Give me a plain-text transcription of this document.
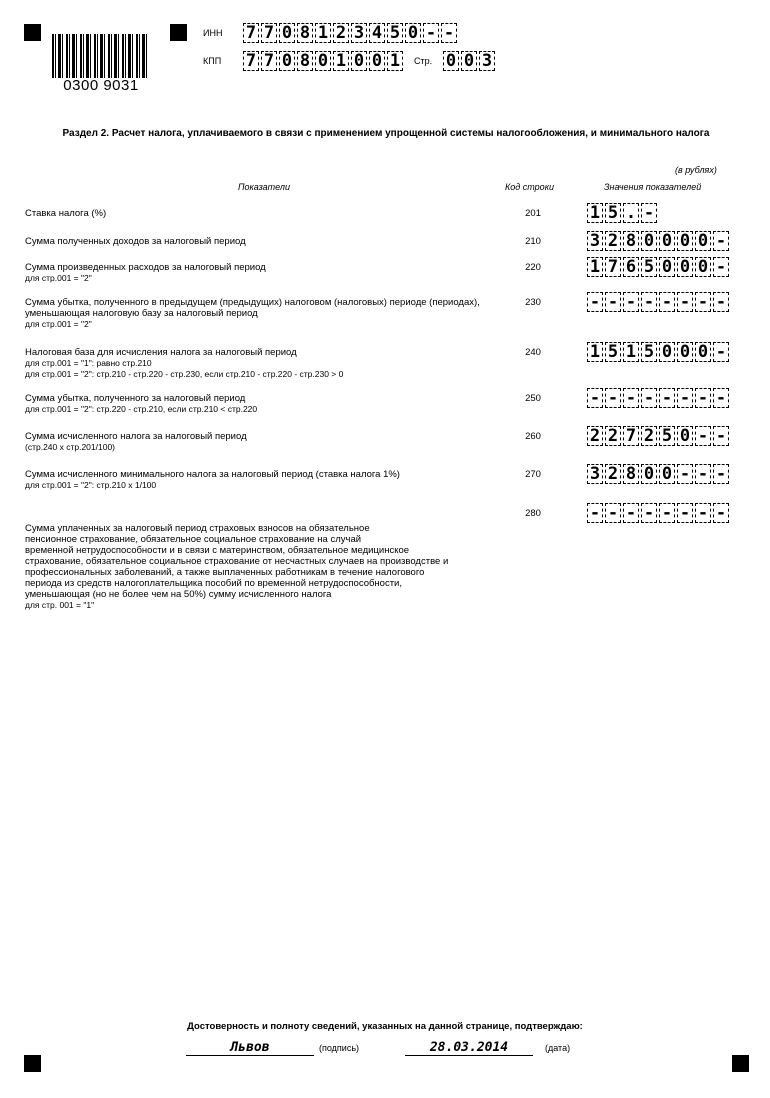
0300 9031
ИНН 7 7 0 8 1 2 3 4 5 0 - -
КПП 7 7 0 8 0 1 0 0 1	Стр. 0 0 3
Раздел 2. Расчет налога, уплачиваемого в связи с применением упрощенной системы налогообложения, и минимального налога
(в рублях)
Показатели	Код строки	Значения показателей
Ставка налога (%)	201	1 5 . -
Сумма полученных доходов за налоговый период	210	3 2 8 0 0 0 0 -
Сумма произведенных расходов за налоговый период
для стр.001 = "2"
220	1 7 6 5 0 0 0 -
Сумма убытка, полученного в предыдущем (предыдущих) налоговом (налоговых) периоде (периодах), уменьшающая налоговую базу за налоговый период
для стр.001 = "2"
230	- - - - - - - -
Налоговая база для исчисления налога за налоговый период
для стр.001 = "1": равно стр.210
для стр.001 = "2": стр.210 - стр.220 - стр.230, если стр.210 - стр.220 - стр.230 > 0
240	1 5 1 5 0 0 0 -
Сумма убытка, полученного за налоговый период
для стр.001 = "2": стр.220 - стр.210, если стр.210 < стр.220
250	- - - - - - - -
Сумма исчисленного налога за налоговый период
(стр.240 x стр.201/100)
260	2 2 7 2 5 0 - -
Сумма исчисленного минимального налога за налоговый период (ставка налога 1%)
для стр.001 = "2": стр.210 x 1/100
270	3 2 8 0 0 - - -
Сумма уплаченных за налоговый период страховых взносов на обязательное
пенсионное страхование, обязательное социальное страхование на случай
временной нетрудоспособности и в связи с материнством, обязательное медицинское
страхование, обязательное социальное страхование от несчастных случаев на производстве и
профессиональных заболеваний, а также выплаченных работникам в течение налогового
периода из средств налогоплательщика пособий по временной нетрудоспособности,
уменьшающая (но не более чем на 50%) сумму исчисленного налога
для стр. 001 = "1"
280	- - - - - - - -
Достоверность и полноту сведений, указанных на данной странице, подтверждаю:
Львов	(подпись)	28.03.2014	(дата)
